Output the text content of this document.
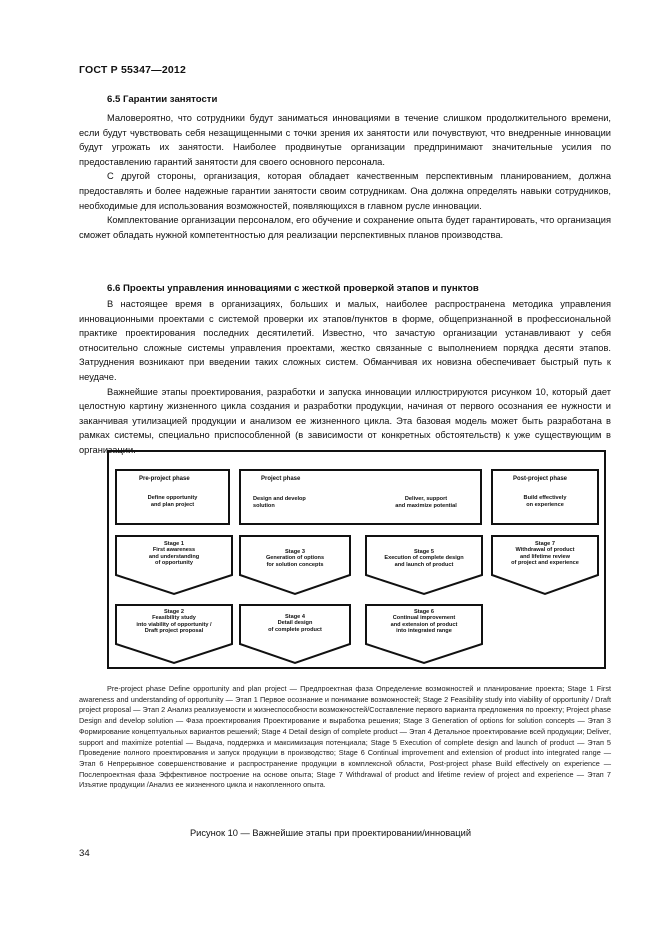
ГОСТ Р 55347—2012
6.5 Гарантии занятости

Маловероятно, что сотрудники будут заниматься инновациями в течение слишком продолжительного времени, если будут чувствовать себя незащищенными с точки зрения их занятости или почувствуют, что внедренные инновации будут угрожать их занятости. Наиболее продвинутые организации предпринимают значительные усилия по предоставлению гарантий занятости для своего основного персонала.

С другой стороны, организация, которая обладает качественным перспективным планированием, должна предоставлять и более надежные гарантии занятости своим сотрудникам. Она должна определять навыки сотрудников, необходимые для использования возможностей, появляющихся в главном русле инновации.

Комплектование организации персоналом, его обучение и сохранение опыта будет гарантировать, что организация сможет обладать нужной компетентностью для реализации перспективных планов производства.

6.6 Проекты управления инновациями с жесткой проверкой этапов и пунктов

В настоящее время в организациях, больших и малых, наиболее распространена методика управления инновационными проектами с системой проверки их этапов/пунктов в форме, общепризнанной в профессиональной практике проектирования последних десятилетий. Известно, что зачастую организации устанавливают у себя относительно сложные системы управления проектами, жестко связанные с выполнением порядка десяти этапов. Затруднения возникают при введении таких сложных систем. Обманчивая их новизна обеспечивает быстрый путь к неудаче.

Важнейшие этапы проектирования, разработки и запуска инновации иллюстрируются рисунком 10, который дает целостную картину жизненного цикла создания и разработки продукции, начиная от первого осознания ее нужности и заканчивая утилизацией продукции и анализом ее жизненного цикла. Эта базовая модель может быть разработана в рамках системы, специально приспособленной (в зависимости от конкретных обстоятельств) к уже существующим в организации.

Pre-project phase
Define opportunity
and plan project
Project phase
Design and develop
solution
Deliver, support
and maximize potential
Post-project phase
Build effectively
on experience
Stage 1
First awareness
and understanding
of opportunity
Stage 2
Feasibility study
into viability of opportunity /
Draft project proposal
Stage 3
Generation of options
for solution concepts
Stage 4
Detail design
of complete product
Stage 5
Execution of complete design
and launch of product
Stage 6
Continual improvement
and extension of product
into integrated range
Stage 7
Withdrawal of product
and lifetime review
of project and experience

Pre-project phase Define opportunity and plan project — Предпроектная фаза Определение возможностей и планирование проекта; Stage 1 First awareness and understanding of opportunity — Этап 1 Первое осознание и понимание возможностей; Stage 2 Feasibility study into viability of opportunity / Draft project proposal — Этап 2 Анализ реализуемости и жизнеспособности возможностей/Составление первого варианта предложения по проекту; Project phase Design and develop solution — Фаза проектирования Проектирование и выработка решения; Stage 3 Generation of options for solution concepts — Этап 3 Формирование концептуальных вариантов решений; Stage 4 Detail design of complete product — Этап 4 Детальное проектирование всей продукции; Deliver, support and maximize potential — Выдача, поддержка и максимизация потенциала; Stage 5 Execution of complete design and launch of product — Этап 5 Проведение полного проектирования и запуск продукции в производство; Stage 6 Continual improvement and extension of product into integrated range — Этап 6 Непрерывное совершенствование и распространение продукции в комплексной области, Post-project phase Build effectively on experience — Послепроектная фаза Эффективное построение на основе опыта; Stage 7 Withdrawal of product and lifetime review of project and experience — Этап 7 Изъятие продукции /Анализ ее жизненного цикла и накопленного опыта.

Рисунок 10 — Важнейшие этапы при проектировании/инноваций
34
